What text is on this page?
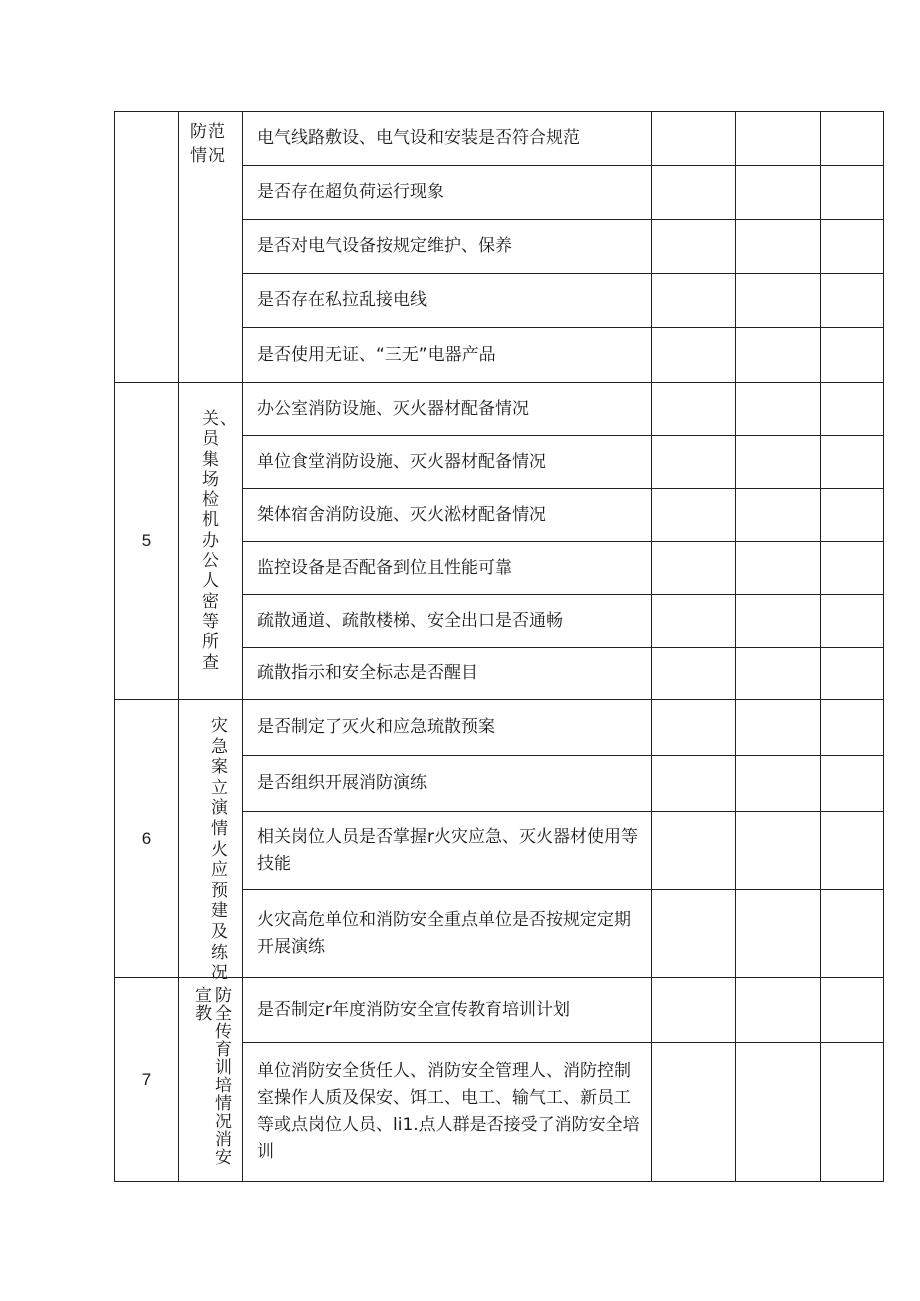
	防范情况	电气线路敷设、电气设和安装是否符合规范			
		是否存在超负荷运行现象			
		是否对电气设备按规定维护、保养			
		是否存在私拉乱接电线			
		是否使用无证、“三无”电器产品			
5	关、员集场检机办公人密等所查	办公室消防设施、灭火器材配备情况			
		单位食堂消防设施、灭火器材配备情况			
		桀体宿舍消防设施、灭火淞材配备情况			
		监控设备是否配备到位且性能可靠			
		疏散通道、疏散楼梯、安全出口是否通畅			
		疏散指示和安全标志是否醒目			
6	灾急案立演情火应预建及练况	是否制定了灭火和应急琉散预案			
		是否组织开展消防演练			
		相关岗位人员是否掌握r火灾应急、灭火器材使用等技能			
		火灾高危单位和消防安全重点单位是否按规定定期开展演练			
7	防全传育训培情况消安宣教	是否制定r年度消防安全宣传教育培训计划			
		单位消防安全货任人、消防安全管理人、消防控制室操作人质及保安、饵工、电工、输气工、新员工等或点岗位人员、li1.点人群是否接受了消防安全培训			
